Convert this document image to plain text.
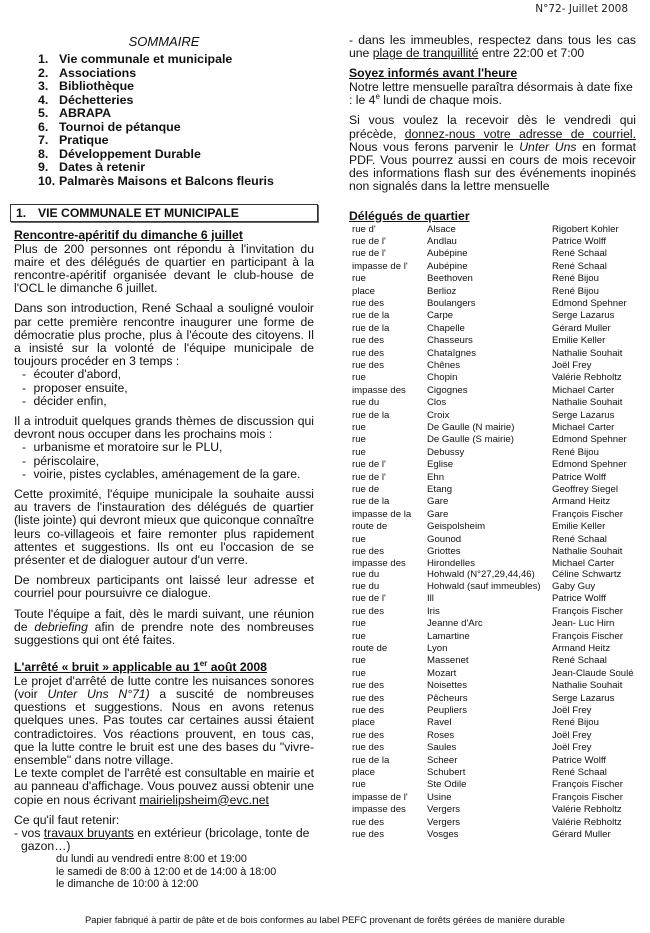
N°72- Juillet 2008
SOMMAIRE
1. Vie communale et municipale
2. Associations
3. Bibliothèque
4. Déchetteries
5. ABRAPA
6. Tournoi de pétanque
7. Pratique
8. Développement Durable
9. Dates à retenir
10. Palmarès Maisons et Balcons fleuris
1. VIE COMMUNALE ET MUNICIPALE
Rencontre-apéritif du dimanche 6 juillet

Plus de 200 personnes ont répondu à l'invitation du maire et des délégués de quartier en participant à la rencontre-apéritif organisée devant le club-house de l'OCL le dimanche 6 juillet.

Dans son introduction, René Schaal a souligné vouloir par cette première rencontre inaugurer une forme de démocratie plus proche, plus à l'écoute des citoyens. Il a insisté sur la volonté de l'équipe municipale de toujours procéder en 3 temps :

- écouter d'abord,
- proposer ensuite,
- décider enfin,

Il a introduit quelques grands thèmes de discussion qui devront nous occuper dans les prochains mois :

- urbanisme et moratoire sur le PLU,
- périscolaire,
- voirie, pistes cyclables, aménagement de la gare.

Cette proximité, l'équipe municipale la souhaite aussi au travers de l'instauration des délégués de quartier (liste jointe) qui devront mieux que quiconque connaître leurs co-villageois et faire remonter plus rapidement attentes et suggestions. Ils ont eu l'occasion de se présenter et de dialoguer autour d'un verre.

De nombreux participants ont laissé leur adresse et courriel pour poursuivre ce dialogue.

Toute l'équipe a fait, dès le mardi suivant, une réunion de debriefing afin de prendre note des nombreuses suggestions qui ont été faites.

L'arrêté « bruit » applicable au 1er août 2008

Le projet d'arrêté de lutte contre les nuisances sonores (voir Unter Uns N°71) a suscité de nombreuses questions et suggestions. Nous en avons retenus quelques unes. Pas toutes car certaines aussi étaient contradictoires. Vos réactions prouvent, en tous cas, que la lutte contre le bruit est une des bases du "vivre-ensemble" dans notre village.

Le texte complet de l'arrêté est consultable en mairie et au panneau d'affichage. Vous pouvez aussi obtenir une copie en nous écrivant mairielipsheim@evc.net

Ce qu'il faut retenir:

- vos travaux bruyants en extérieur (bricolage, tonte de gazon…)

du lundi au vendredi entre 8:00 et 19:00
le samedi de 8:00 à 12:00 et de 14:00 à 18:00
le dimanche de 10:00 à 12:00

- dans les immeubles, respectez dans tous les cas une plage de tranquillité entre 22:00 et 7:00

Soyez informés avant l'heure

Notre lettre mensuelle paraîtra désormais à date fixe : le 4e lundi de chaque mois.

Si vous voulez la recevoir dès le vendredi qui précède, donnez-nous votre adresse de courriel. Nous vous ferons parvenir le Unter Uns en format PDF. Vous pourrez aussi en cours de mois recevoir des informations flash sur des événements inopinés non signalés dans la lettre mensuelle

Délégués de quartier
rue d'	Alsace	Rigobert Kohler
rue de l'	Andlau	Patrice Wolff
rue de l'	Aubépine	René Schaal
impasse de l'	Aubépine	René Schaal
rue	Beethoven	René Bijou
place	Berlioz	René Bijou
rue des	Boulangers	Edmond Spehner
rue de la	Carpe	Serge Lazarus
rue de la	Chapelle	Gérard Muller
rue des	Chasseurs	Emilie Keller
rue des	Chataîgnes	Nathalie Souhait
rue des	Chênes	Joël Frey
rue	Chopin	Valérie Rebholtz
impasse des	Cigognes	Michael Carter
rue du	Clos	Nathalie Souhait
rue de la	Croix	Serge Lazarus
rue	De Gaulle (N mairie)	Michael Carter
rue	De Gaulle (S mairie)	Edmond Spehner
rue	Debussy	René Bijou
rue de l'	Eglise	Edmond Spehner
rue de l'	Ehn	Patrice Wolff
rue de	Etang	Geoffrey Siegel
rue de la	Gare	Armand Heitz
impasse de la	Gare	François Fischer
route de	Geispolsheim	Emilie Keller
rue	Gounod	René Schaal
rue des	Griottes	Nathalie Souhait
impasse des	Hirondelles	Michael Carter
rue du	Hohwald (N°27,29,44,46)	Céline Schwartz
rue du	Hohwald (sauf immeubles)	Gaby Guy
rue de l'	Ill	Patrice Wolff
rue des	Iris	François Fischer
rue	Jeanne d'Arc	Jean- Luc Hirn
rue	Lamartine	François Fischer
route de	Lyon	Armand Heitz
rue	Massenet	René Schaal
rue	Mozart	Jean-Claude Soulé
rue des	Noisettes	Nathalie Souhait
rue des	Pêcheurs	Serge Lazarus
rue des	Peupliers	Joël Frey
place	Ravel	René Bijou
rue des	Roses	Joël Frey
rue des	Saules	Joël Frey
rue de la	Scheer	Patrice Wolff
place	Schubert	René Schaal
rue	Ste Odile	François Fischer
impasse de l'	Usine	François Fischer
impasse des	Vergers	Valérie Rebholtz
rue des	Vergers	Valérie Rebholtz
rue des	Vosges	Gérard Muller
Papier fabriqué à partir de pâte et de bois conformes au label PEFC provenant de forêts gérées de manière durable
